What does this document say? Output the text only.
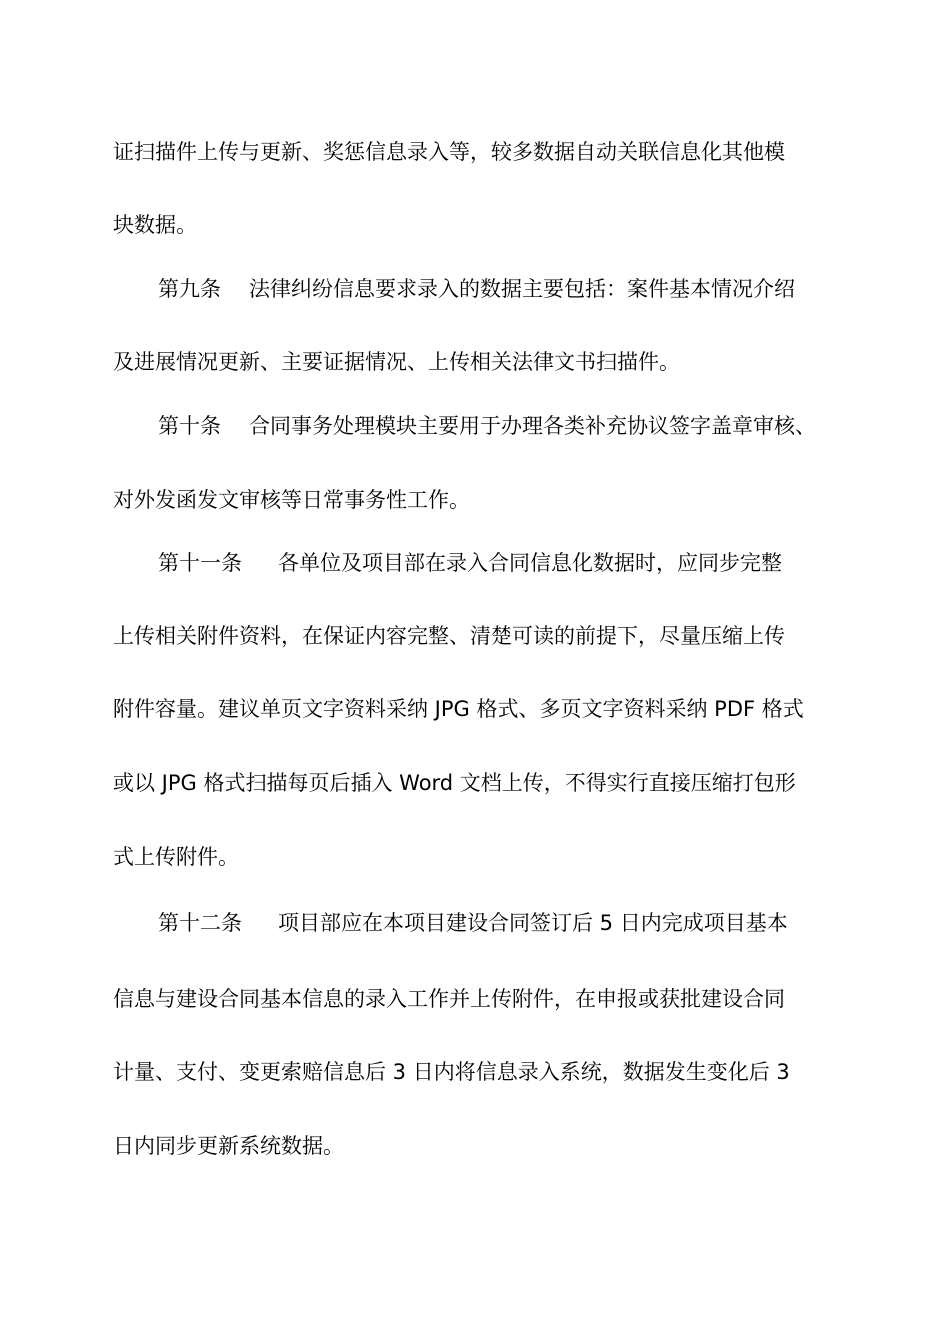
证扫描件上传与更新、奖惩信息录入等，较多数据自动关联信息化其他模
块数据。
第九条 法律纠纷信息要求录入的数据主要包括：案件基本情况介绍
及进展情况更新、主要证据情况、上传相关法律文书扫描件。
第十条 合同事务处理模块主要用于办理各类补充协议签字盖章审核、
对外发函发文审核等日常事务性工作。
第十一条 各单位及项目部在录入合同信息化数据时，应同步完整
上传相关附件资料，在保证内容完整、清楚可读的前提下，尽量压缩上传
附件容量。建议单页文字资料采纳 JPG 格式、多页文字资料采纳 PDF 格式
或以 JPG 格式扫描每页后插入 Word 文档上传，不得实行直接压缩打包形
式上传附件。
第十二条 项目部应在本项目建设合同签订后 5 日内完成项目基本
信息与建设合同基本信息的录入工作并上传附件，在申报或获批建设合同
计量、支付、变更索赔信息后 3 日内将信息录入系统，数据发生变化后 3
日内同步更新系统数据。
